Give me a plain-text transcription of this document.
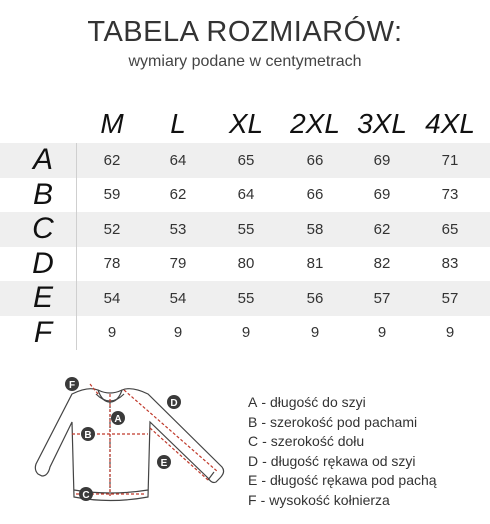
TABELA ROZMIARÓW:
wymiary podane w centymetrach
M	L	XL 2XL 3XL 4XL
A	62	64	65	66	69	71
B	59	62	64	66	69	73
C	52	53	55	58	62	65
D	78	79	80	81	82	83
E	54	54	55	56	57	57
F	9	9	9	9	9	9
F
A
D
B
E
C
A - długość do szyi
B - szerokość pod pachami
C - szerokość dołu
D - długość rękawa od szyi
E - długość rękawa pod pachą
F - wysokość kołnierza
